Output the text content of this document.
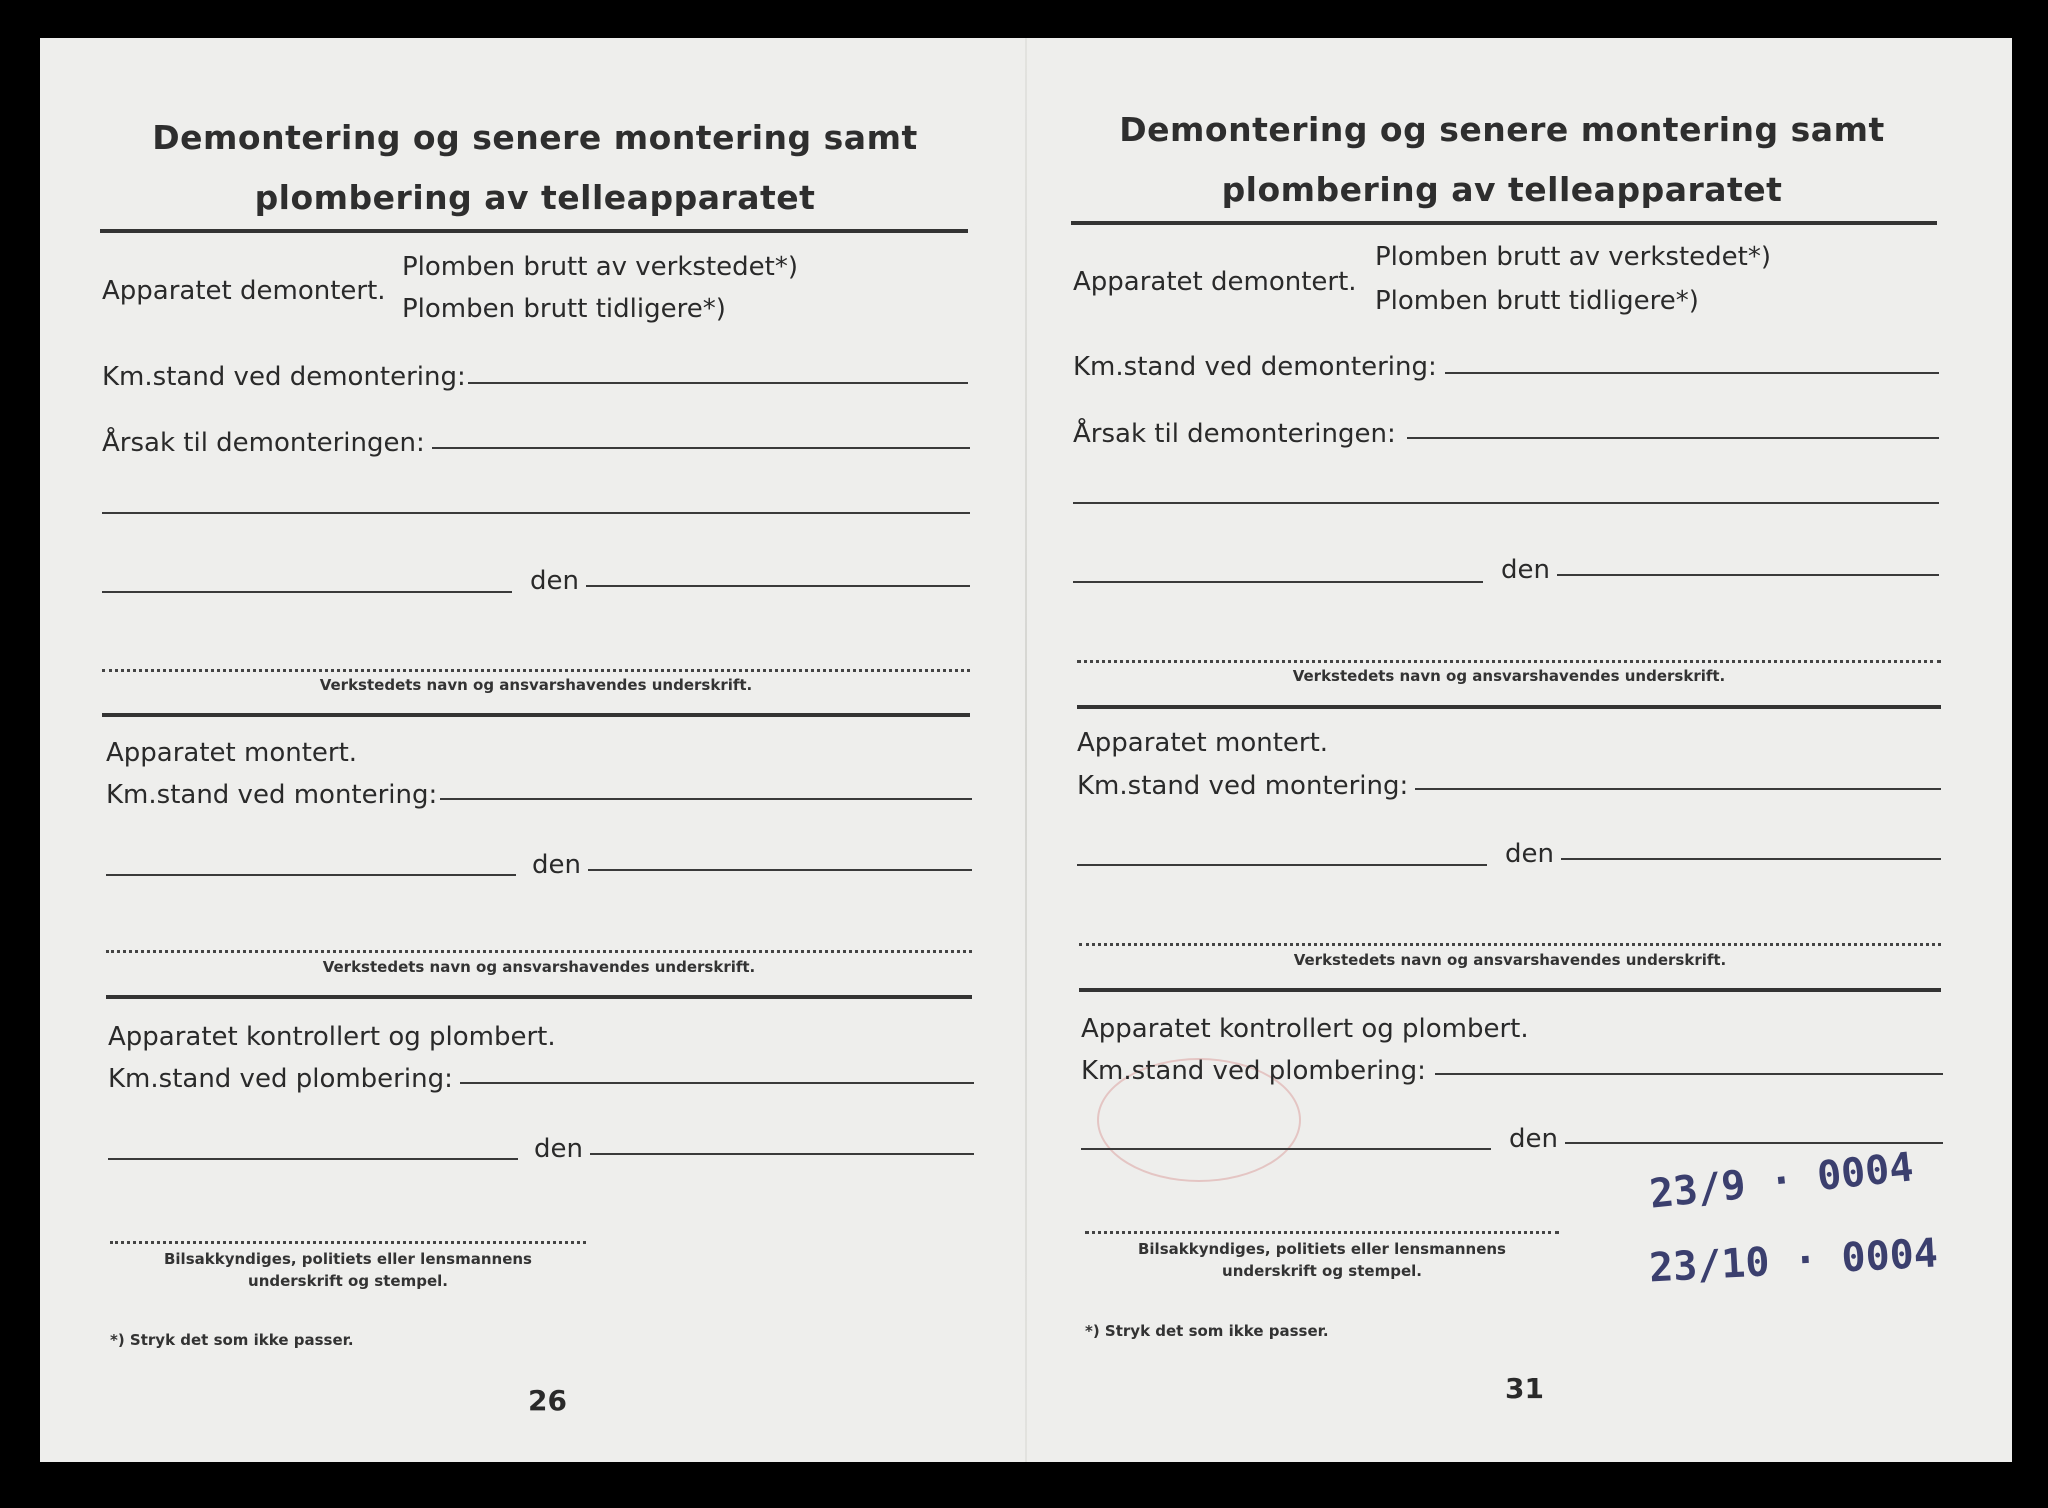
Demontering og senere montering samt
plombering av telleapparatet
Apparatet demontert.
Plomben brutt av verkstedet*)
Plomben brutt tidligere*)
Km.stand ved demontering:
Årsak til demonteringen:
den
Verkstedets navn og ansvarshavendes underskrift.
Apparatet montert.
Km.stand ved montering:
den
Verkstedets navn og ansvarshavendes underskrift.
Apparatet kontrollert og plombert.
Km.stand ved plombering:
den
Bilsakkyndiges, politiets eller lensmannens
underskrift og stempel.
*) Stryk det som ikke passer.
26
Demontering og senere montering samt
plombering av telleapparatet
Apparatet demontert.
Plomben brutt av verkstedet*)
Plomben brutt tidligere*)
Km.stand ved demontering:
Årsak til demonteringen:
den
Verkstedets navn og ansvarshavendes underskrift.
Apparatet montert.
Km.stand ved montering:
den
Verkstedets navn og ansvarshavendes underskrift.
Apparatet kontrollert og plombert.
Km.stand ved plombering:
den
Bilsakkyndiges, politiets eller lensmannens
underskrift og stempel.
*) Stryk det som ikke passer.
31
23/9 · 0004
23/10 · 0004
